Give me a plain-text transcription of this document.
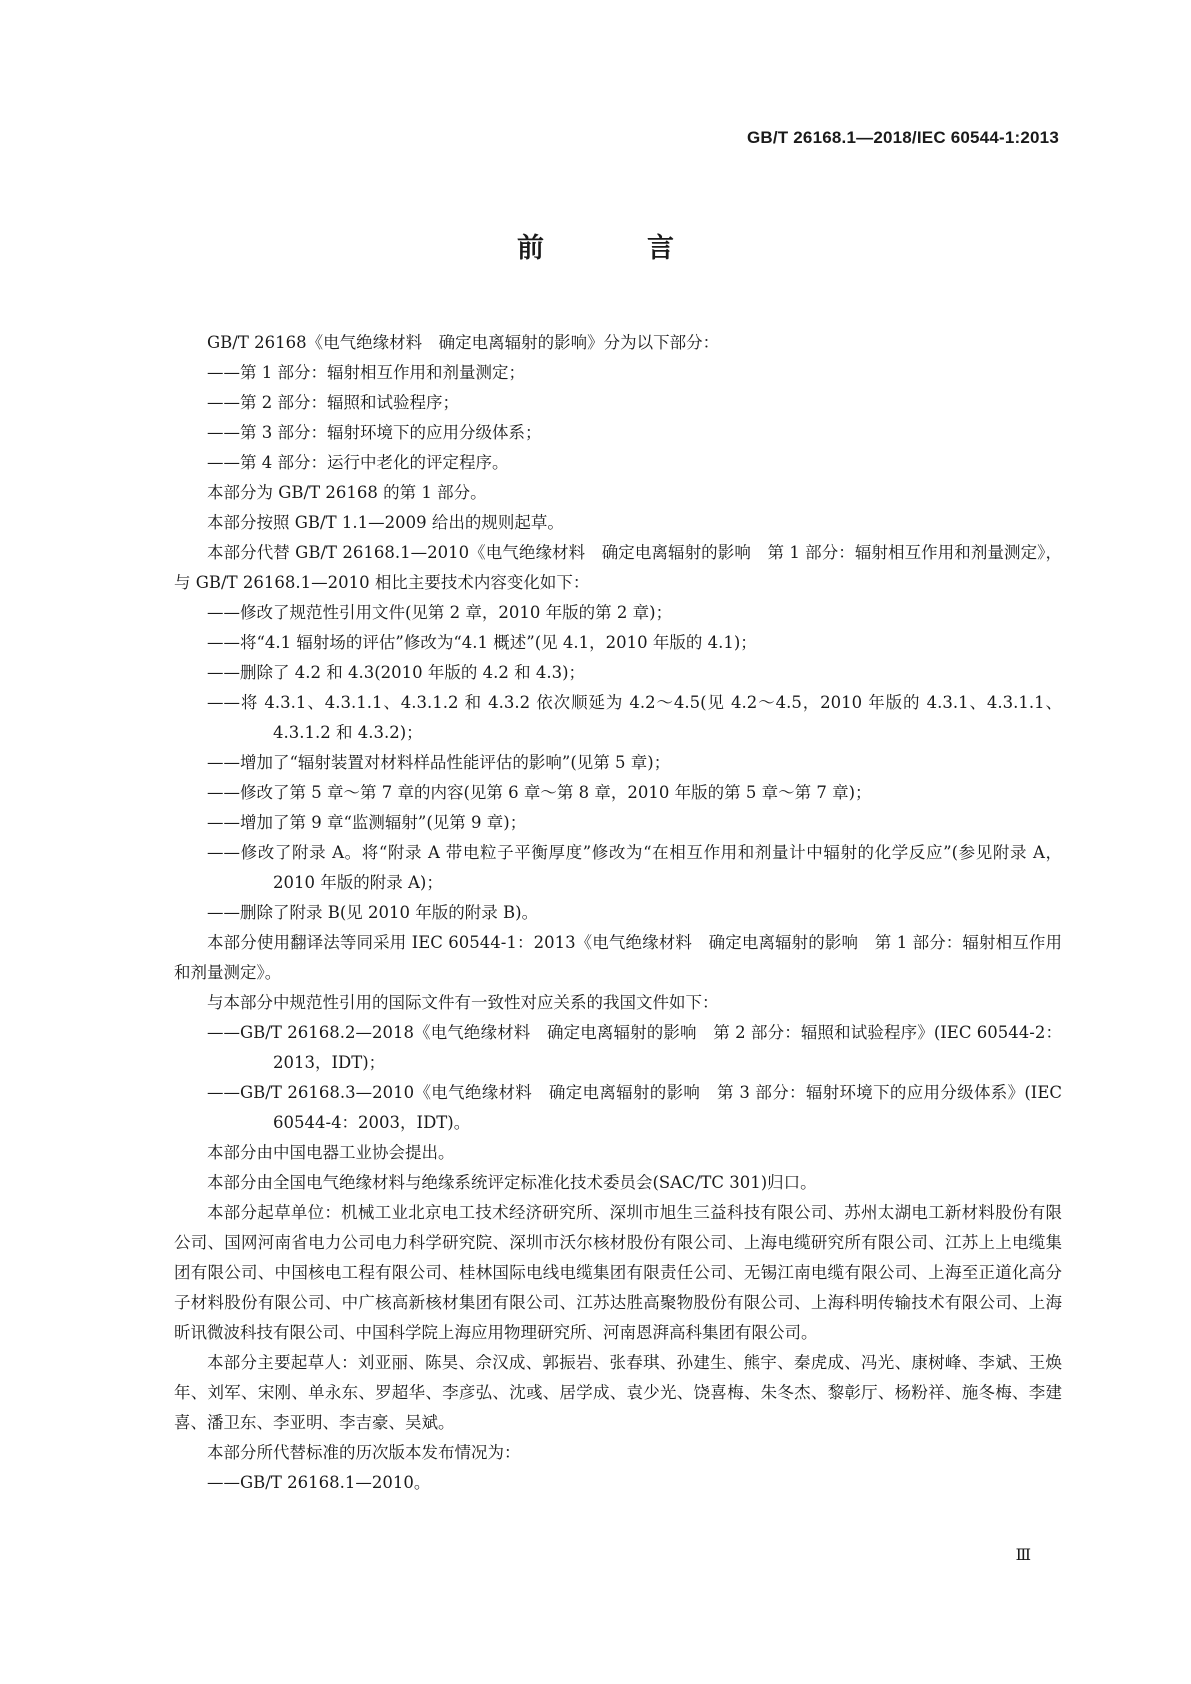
GB/T 26168.1—2018/IEC 60544-1:2013
前　言

GB/T 26168《电气绝缘材料　确定电离辐射的影响》分为以下部分：

——第 1 部分：辐射相互作用和剂量测定；

——第 2 部分：辐照和试验程序；

——第 3 部分：辐射环境下的应用分级体系；

——第 4 部分：运行中老化的评定程序。

本部分为 GB/T 26168 的第 1 部分。

本部分按照 GB/T 1.1—2009 给出的规则起草。

本部分代替 GB/T 26168.1—2010《电气绝缘材料　确定电离辐射的影响　第 1 部分：辐射相互作用和剂量测定》，与 GB/T 26168.1—2010 相比主要技术内容变化如下：

——修改了规范性引用文件(见第 2 章，2010 年版的第 2 章)；

——将“4.1 辐射场的评估”修改为“4.1 概述”(见 4.1，2010 年版的 4.1)；

——删除了 4.2 和 4.3(2010 年版的 4.2 和 4.3)；

——将 4.3.1、4.3.1.1、4.3.1.2 和 4.3.2 依次顺延为 4.2～4.5(见 4.2～4.5，2010 年版的 4.3.1、4.3.1.1、4.3.1.2 和 4.3.2)；

——增加了“辐射装置对材料样品性能评估的影响”(见第 5 章)；

——修改了第 5 章～第 7 章的内容(见第 6 章～第 8 章，2010 年版的第 5 章～第 7 章)；

——增加了第 9 章“监测辐射”(见第 9 章)；

——修改了附录 A。将“附录 A 带电粒子平衡厚度”修改为“在相互作用和剂量计中辐射的化学反应”(参见附录 A，2010 年版的附录 A)；

——删除了附录 B(见 2010 年版的附录 B)。

本部分使用翻译法等同采用 IEC 60544-1：2013《电气绝缘材料　确定电离辐射的影响　第 1 部分：辐射相互作用和剂量测定》。

与本部分中规范性引用的国际文件有一致性对应关系的我国文件如下：

——GB/T 26168.2—2018《电气绝缘材料　确定电离辐射的影响　第 2 部分：辐照和试验程序》(IEC 60544-2：2013，IDT)；

——GB/T 26168.3—2010《电气绝缘材料　确定电离辐射的影响　第 3 部分：辐射环境下的应用分级体系》(IEC 60544-4：2003，IDT)。

本部分由中国电器工业协会提出。

本部分由全国电气绝缘材料与绝缘系统评定标准化技术委员会(SAC/TC 301)归口。

本部分起草单位：机械工业北京电工技术经济研究所、深圳市旭生三益科技有限公司、苏州太湖电工新材料股份有限公司、国网河南省电力公司电力科学研究院、深圳市沃尔核材股份有限公司、上海电缆研究所有限公司、江苏上上电缆集团有限公司、中国核电工程有限公司、桂林国际电线电缆集团有限责任公司、无锡江南电缆有限公司、上海至正道化高分子材料股份有限公司、中广核高新核材集团有限公司、江苏达胜高聚物股份有限公司、上海科明传输技术有限公司、上海昕讯微波科技有限公司、中国科学院上海应用物理研究所、河南恩湃高科集团有限公司。

本部分主要起草人：刘亚丽、陈昊、佘汉成、郭振岩、张春琪、孙建生、熊宇、秦虎成、冯光、康树峰、李斌、王焕年、刘军、宋刚、单永东、罗超华、李彦弘、沈彧、居学成、袁少光、饶喜梅、朱冬杰、黎彰厅、杨粉祥、施冬梅、李建喜、潘卫东、李亚明、李吉豪、吴斌。

本部分所代替标准的历次版本发布情况为：

——GB/T 26168.1—2010。

Ⅲ
